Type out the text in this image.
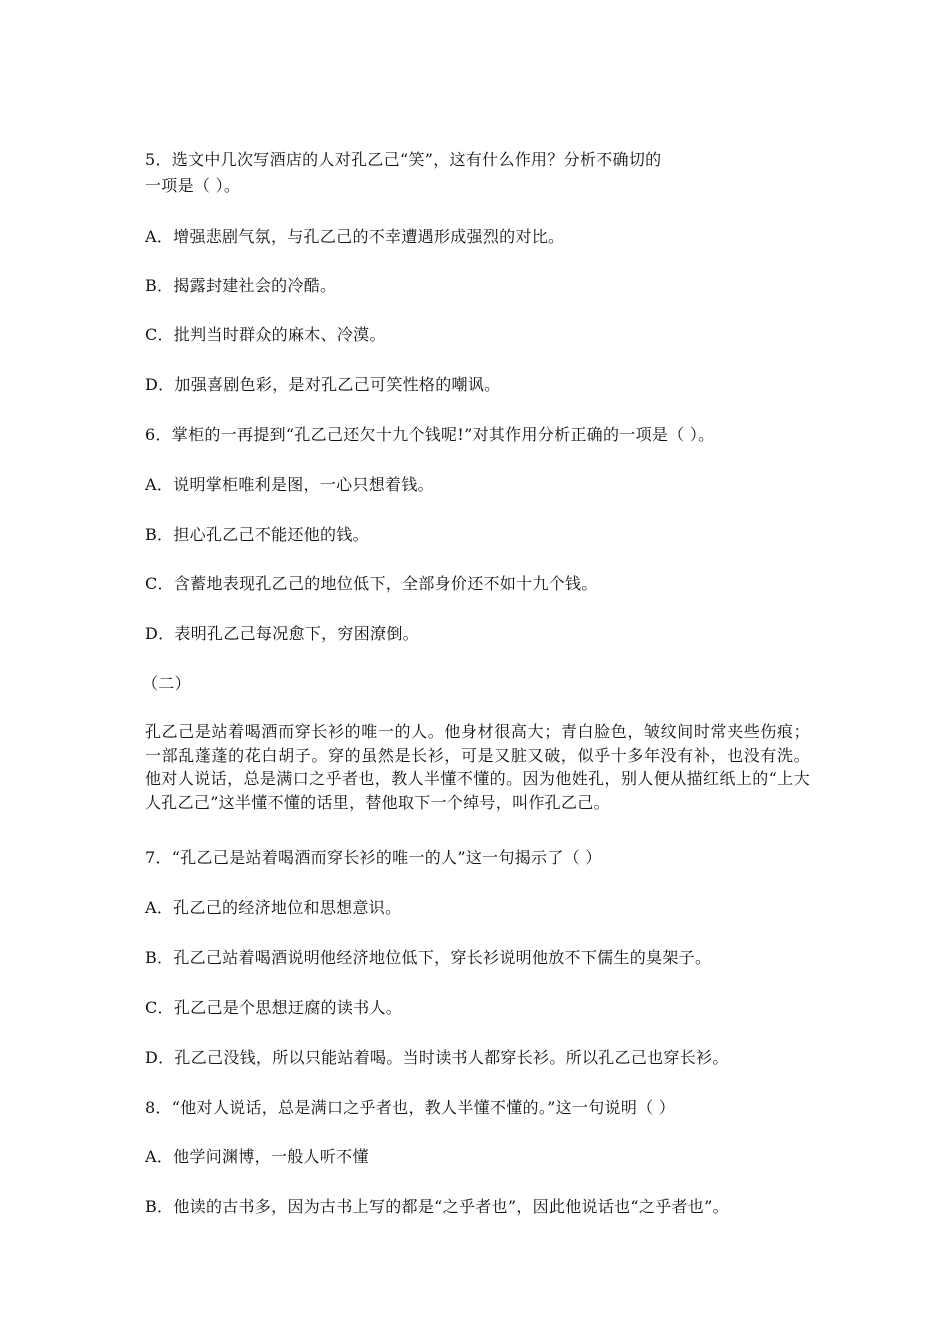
5．选文中几次写酒店的人对孔乙己“笑”，这有什么作用？分析不确切的
一项是（ ）。
A．增强悲剧气氛，与孔乙己的不幸遭遇形成强烈的对比。
B．揭露封建社会的冷酷。
C．批判当时群众的麻木、冷漠。
D．加强喜剧色彩，是对孔乙己可笑性格的嘲讽。
6．掌柜的一再提到“孔乙己还欠十九个钱呢!”对其作用分析正确的一项是（ ）。
A．说明掌柜唯利是图，一心只想着钱。
B．担心孔乙己不能还他的钱。
C．含蓄地表现孔乙己的地位低下，全部身价还不如十九个钱。
D．表明孔乙己每况愈下，穷困潦倒。
（二）
孔乙己是站着喝酒而穿长衫的唯一的人。他身材很高大；青白脸色，皱纹间时常夹些伤痕；一部乱蓬蓬的花白胡子。穿的虽然是长衫，可是又脏又破，似乎十多年没有补，也没有洗。他对人说话，总是满口之乎者也，教人半懂不懂的。因为他姓孔，别人便从描红纸上的“上大人孔乙己”这半懂不懂的话里，替他取下一个绰号，叫作孔乙己。
7．“孔乙己是站着喝酒而穿长衫的唯一的人”这一句揭示了（ ）
A．孔乙己的经济地位和思想意识。
B．孔乙己站着喝酒说明他经济地位低下，穿长衫说明他放不下儒生的臭架子。
C．孔乙己是个思想迂腐的读书人。
D．孔乙己没钱，所以只能站着喝。当时读书人都穿长衫。所以孔乙己也穿长衫。
8．“他对人说话，总是满口之乎者也，教人半懂不懂的。”这一句说明（ ）
A．他学问渊博，一般人听不懂
B．他读的古书多，因为古书上写的都是“之乎者也”，因此他说话也“之乎者也”。
